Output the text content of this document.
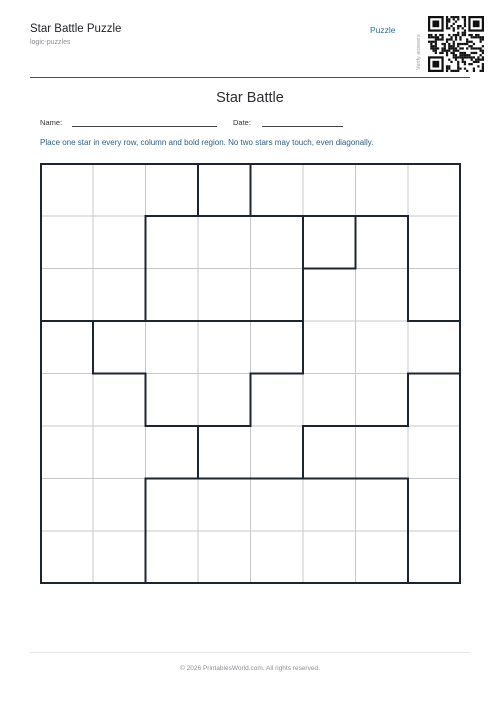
Star Battle Puzzle
logic-puzzles
Puzzle
Verify answers
Star Battle
Name:	Date:
Place one star in every row, column and bold region. No two stars may touch, even diagonally.
© 2026 PrintablesWorld.com. All rights reserved.
